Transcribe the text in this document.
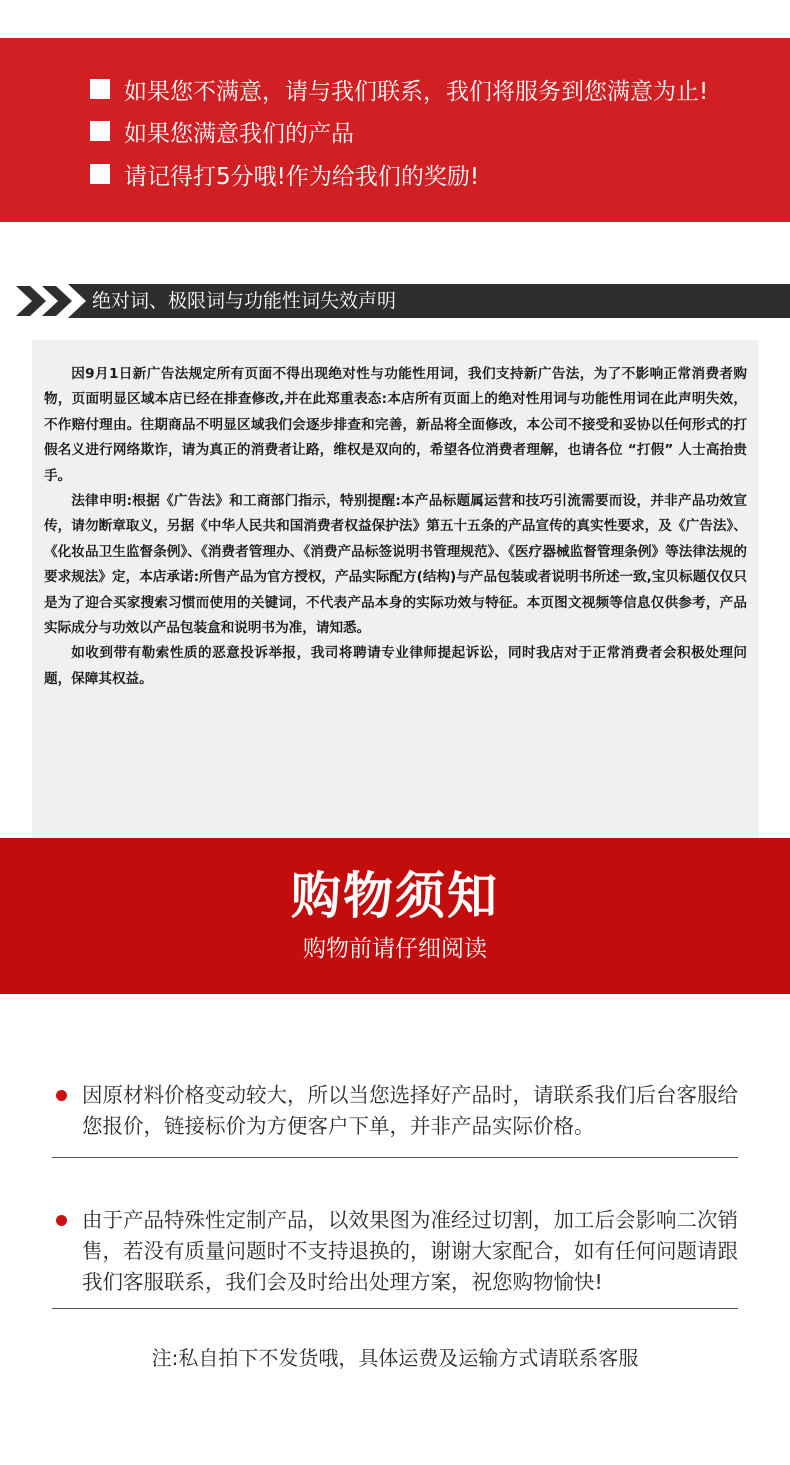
如果您不满意，请与我们联系，我们将服务到您满意为止!
如果您满意我们的产品
请记得打5分哦!作为给我们的奖励!
绝对词、极限词与功能性词失效声明

因9月1日新广告法规定所有页面不得出现绝对性与功能性用词，我们支持新广告法，为了不影响正常消费者购物，页面明显区域本店已经在排查修改,并在此郑重表态:本店所有页面上的绝对性用词与功能性用词在此声明失效，不作赔付理由。往期商品不明显区域我们会逐步排查和完善，新品将全面修改，本公司不接受和妥协以任何形式的打假名义进行网络欺诈，请为真正的消费者让路，维权是双向的，希望各位消费者理解，也请各位 “打假” 人士高抬贵手。

法律申明:根据《广告法》和工商部门指示，特别提醒:本产品标题属运营和技巧引流需要而设，并非产品功效宣传，请勿断章取义，另据《中华人民共和国消费者权益保护法》第五十五条的产品宣传的真实性要求，及《广告法》、《化妆品卫生监督条例》、《消费者管理办、《消费产品标签说明书管理规范》、《医疗器械监督管理条例》等法律法规的要求规法》定，本店承诺:所售产品为官方授权，产品实际配方(结构)与产品包装或者说明书所述一致,宝贝标题仅仅只是为了迎合买家搜索习惯而使用的关键词，不代表产品本身的实际功效与特征。本页图文视频等信息仅供参考，产品实际成分与功效以产品包装盒和说明书为准，请知悉。

如收到带有勒索性质的恶意投诉举报，我司将聘请专业律师提起诉讼，同时我店对于正常消费者会积极处理问题，保障其权益。

购物须知
购物前请仔细阅读
因原材料价格变动较大，所以当您选择好产品时，请联系我们后台客服给您报价，链接标价为方便客户下单，并非产品实际价格。
由于产品特殊性定制产品，以效果图为准经过切割，加工后会影响二次销售，若没有质量问题时不支持退换的，谢谢大家配合，如有任何问题请跟我们客服联系，我们会及时给出处理方案，祝您购物愉快!
注:私自拍下不发货哦，具体运费及运输方式请联系客服
